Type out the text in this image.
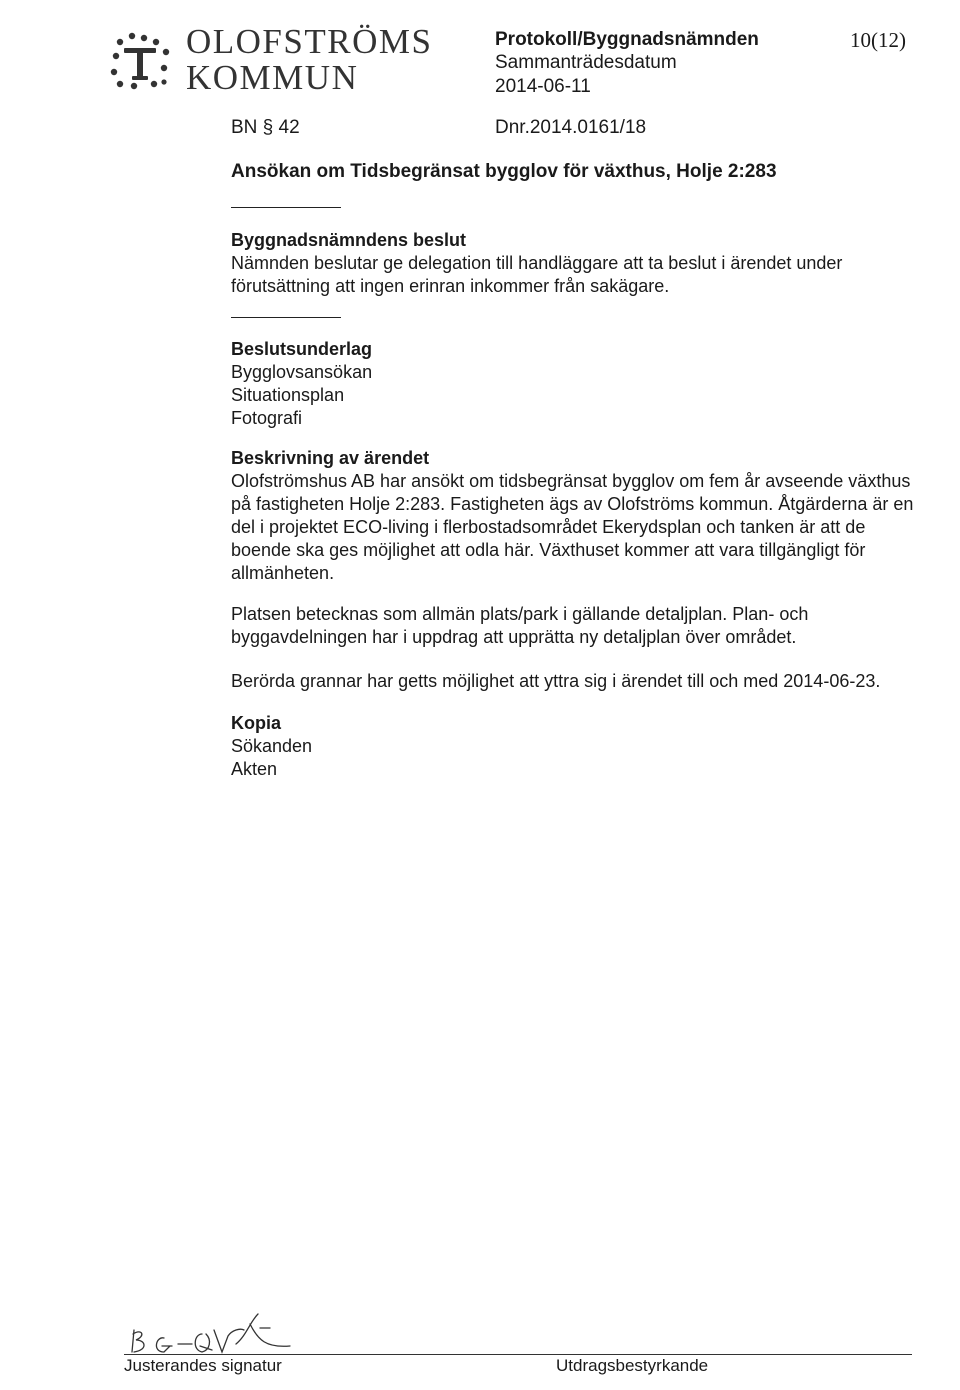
OLOFSTRÖMS
KOMMUN
Protokoll/Byggnadsnämnden
Sammanträdesdatum
2014-06-11
10(12)
BN § 42	Dnr.2014.0161/18
Ansökan om Tidsbegränsat bygglov för växthus, Holje 2:283

Byggnadsnämndens beslut

Nämnden beslutar ge delegation till handläggare att ta beslut i ärendet under

förutsättning att ingen erinran inkommer från sakägare.

Beslutsunderlag

Bygglovsansökan

Situationsplan

Fotografi

Beskrivning av ärendet

Olofströmshus AB har ansökt om tidsbegränsat bygglov om fem år avseende växthus

på fastigheten Holje 2:283. Fastigheten ägs av Olofströms kommun. Åtgärderna är en

del i projektet ECO-living i flerbostadsområdet Ekerydsplan och tanken är att de

boende ska ges möjlighet att odla här. Växthuset kommer att vara tillgängligt för

allmänheten.

Platsen betecknas som allmän plats/park i gällande detaljplan. Plan- och

byggavdelningen har i uppdrag att upprätta ny detaljplan över området.

Berörda grannar har getts möjlighet att yttra sig i ärendet till och med 2014-06-23.

Kopia

Sökanden

Akten

Justerandes signatur	Utdragsbestyrkande
